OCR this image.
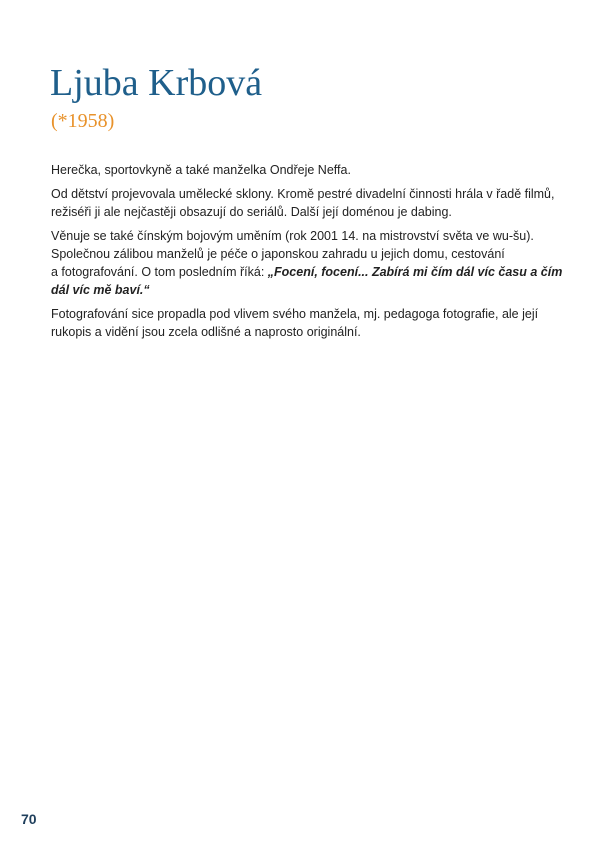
Ljuba Krbová
(*1958)

Herečka, sportovkyně a také manželka Ondřeje Neffa.

Od dětství projevovala umělecké sklony. Kromě pestré divadelní činnosti hrála v řadě filmů,
režiséři ji ale nejčastěji obsazují do seriálů. Další její doménou je dabing.

Věnuje se také čínským bojovým uměním (rok 2001 14. na mistrovství světa ve wu-šu).
Společnou zálibou manželů je péče o japonskou zahradu u jejich domu, cestování
a fotografování. O tom posledním říká: „Focení, focení... Zabírá mi čím dál víc času a čím
dál víc mě baví.“

Fotografování sice propadla pod vlivem svého manžela, mj. pedagoga fotografie, ale její
rukopis a vidění jsou zcela odlišné a naprosto originální.

70
